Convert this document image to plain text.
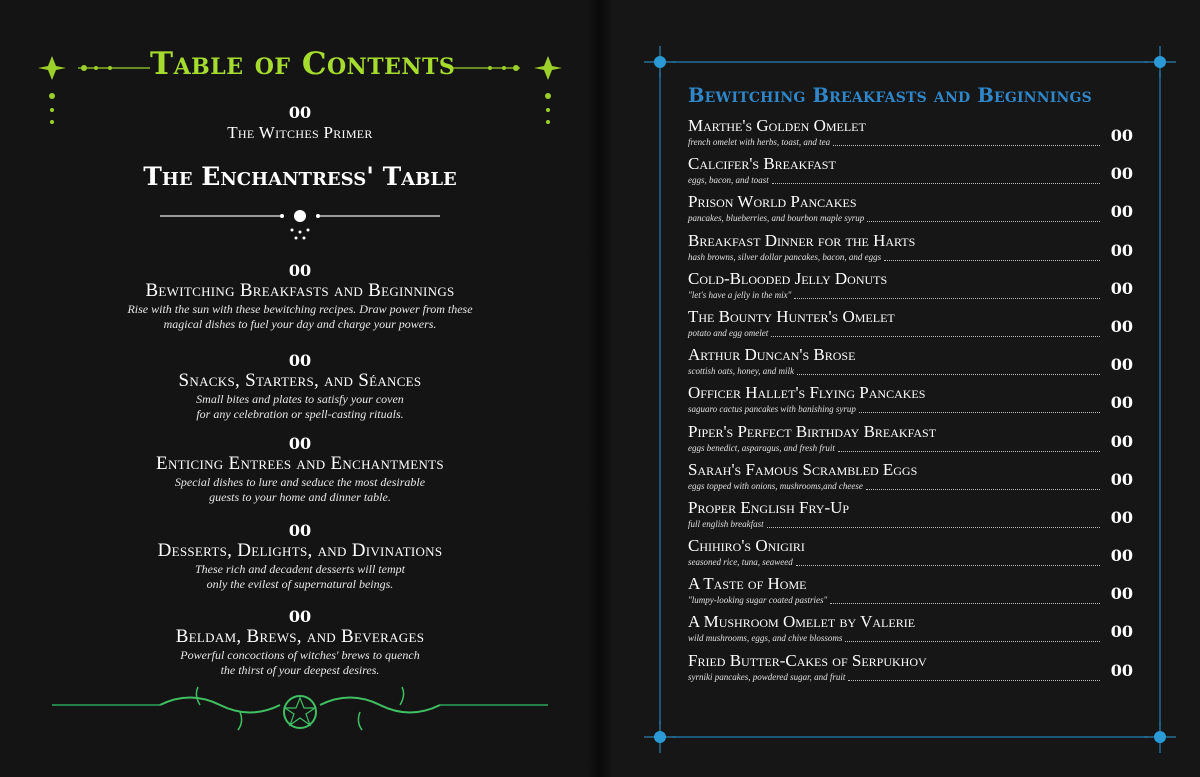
Table of Contents
00
The Witches Primer
The Enchantress' Table
00
Bewitching Breakfasts and Beginnings
Rise with the sun with these bewitching recipes. Draw power from these
magical dishes to fuel your day and charge your powers.
00
Snacks, Starters, and Séances
Small bites and plates to satisfy your coven
for any celebration or spell-casting rituals.
00
Enticing Entrees and Enchantments
Special dishes to lure and seduce the most desirable
guests to your home and dinner table.
00
Desserts, Delights, and Divinations
These rich and decadent desserts will tempt
only the evilest of supernatural beings.
00
Beldam, Brews, and Beverages
Powerful concoctions of witches' brews to quench
the thirst of your deepest desires.
Bewitching Breakfasts and Beginnings
Marthe's Golden Omelet
french omelet with herbs, toast, and tea	00
Calcifer's Breakfast
eggs, bacon, and toast	00
Prison World Pancakes
pancakes, blueberries, and bourbon maple syrup	00
Breakfast Dinner for the Harts
hash browns, silver dollar pancakes, bacon, and eggs	00
Cold-Blooded Jelly Donuts
"let's have a jelly in the mix"	00
The Bounty Hunter's Omelet
potato and egg omelet	00
Arthur Duncan's Brose
scottish oats, honey, and milk	00
Officer Hallet's Flying Pancakes
saguaro cactus pancakes with banishing syrup	00
Piper's Perfect Birthday Breakfast
eggs benedict, asparagus, and fresh fruit	00
Sarah's Famous Scrambled Eggs
eggs topped with onions, mushrooms,and cheese	00
Proper English Fry-Up
full english breakfast	00
Chihiro's Onigiri
seasoned rice, tuna, seaweed	00
A Taste of Home
"lumpy-looking sugar coated pastries"	00
A Mushroom Omelet by Valerie
wild mushrooms, eggs, and chive blossoms	00
Fried Butter-Cakes of Serpukhov
syrniki pancakes, powdered sugar, and fruit	00
